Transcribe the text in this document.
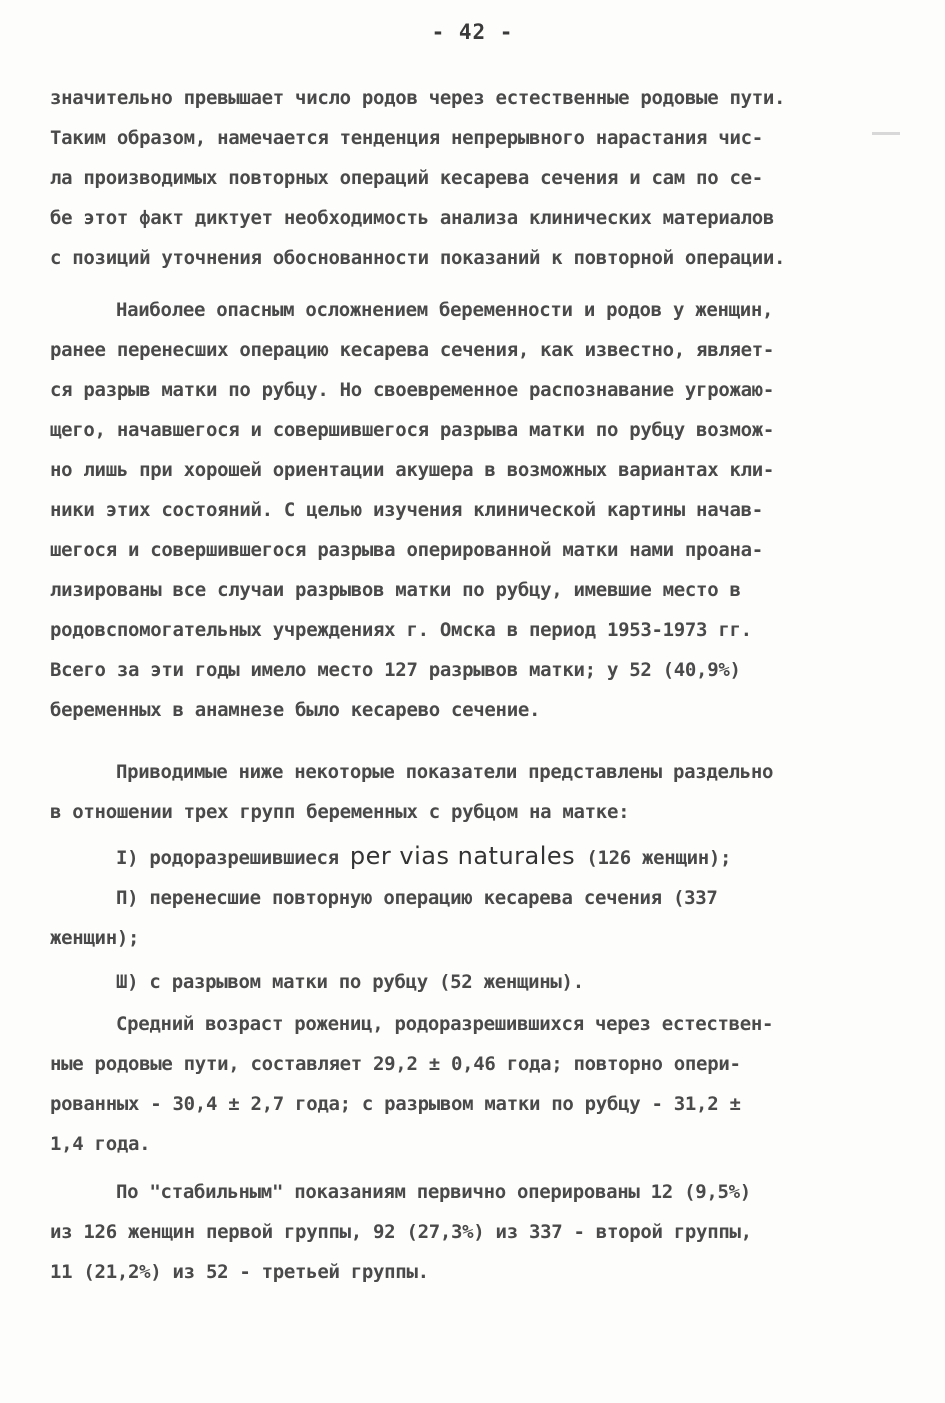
- 42 -
значительно превышает число родов через естественные родовые пути.
Таким образом, намечается тенденция непрерывного нарастания чис-
ла производимых повторных операций кесарева сечения и сам по се-
бе этот факт диктует необходимость анализа клинических материалов
с позиций уточнения обоснованности показаний к повторной операции.
Наиболее опасным осложнением беременности и родов у женщин,
ранее перенесших операцию кесарева сечения, как известно, являет-
ся разрыв матки по рубцу. Но своевременное распознавание угрожаю-
щего, начавшегося и совершившегося разрыва матки по рубцу возмож-
но лишь при хорошей ориентации акушера в возможных вариантах кли-
ники этих состояний. С целью изучения клинической картины начав-
шегося и совершившегося разрыва оперированной матки нами проана-
лизированы все случаи разрывов матки по рубцу, имевшие место в
родовспомогательных учреждениях г. Омска в период 1953-1973 гг.
Всего за эти годы имело место 127 разрывов матки; у 52 (40,9%)
беременных в анамнезе было кесарево сечение.
Приводимые ниже некоторые показатели представлены раздельно
в отношении трех групп беременных с рубцом на матке:
I) родоразрешившиеся per vias naturales (126 женщин);
П) перенесшие повторную операцию кесарева сечения (337
женщин);
Ш) с разрывом матки по рубцу (52 женщины).
Средний возраст рожениц, родоразрешившихся через естествен-
ные родовые пути, составляет 29,2 ± 0,46 года; повторно опери-
рованных - 30,4 ± 2,7 года; с разрывом матки по рубцу - 31,2 ±
1,4 года.
По "стабильным" показаниям первично оперированы 12 (9,5%)
из 126 женщин первой группы, 92 (27,3%) из 337 - второй группы,
11 (21,2%) из 52 - третьей группы.
